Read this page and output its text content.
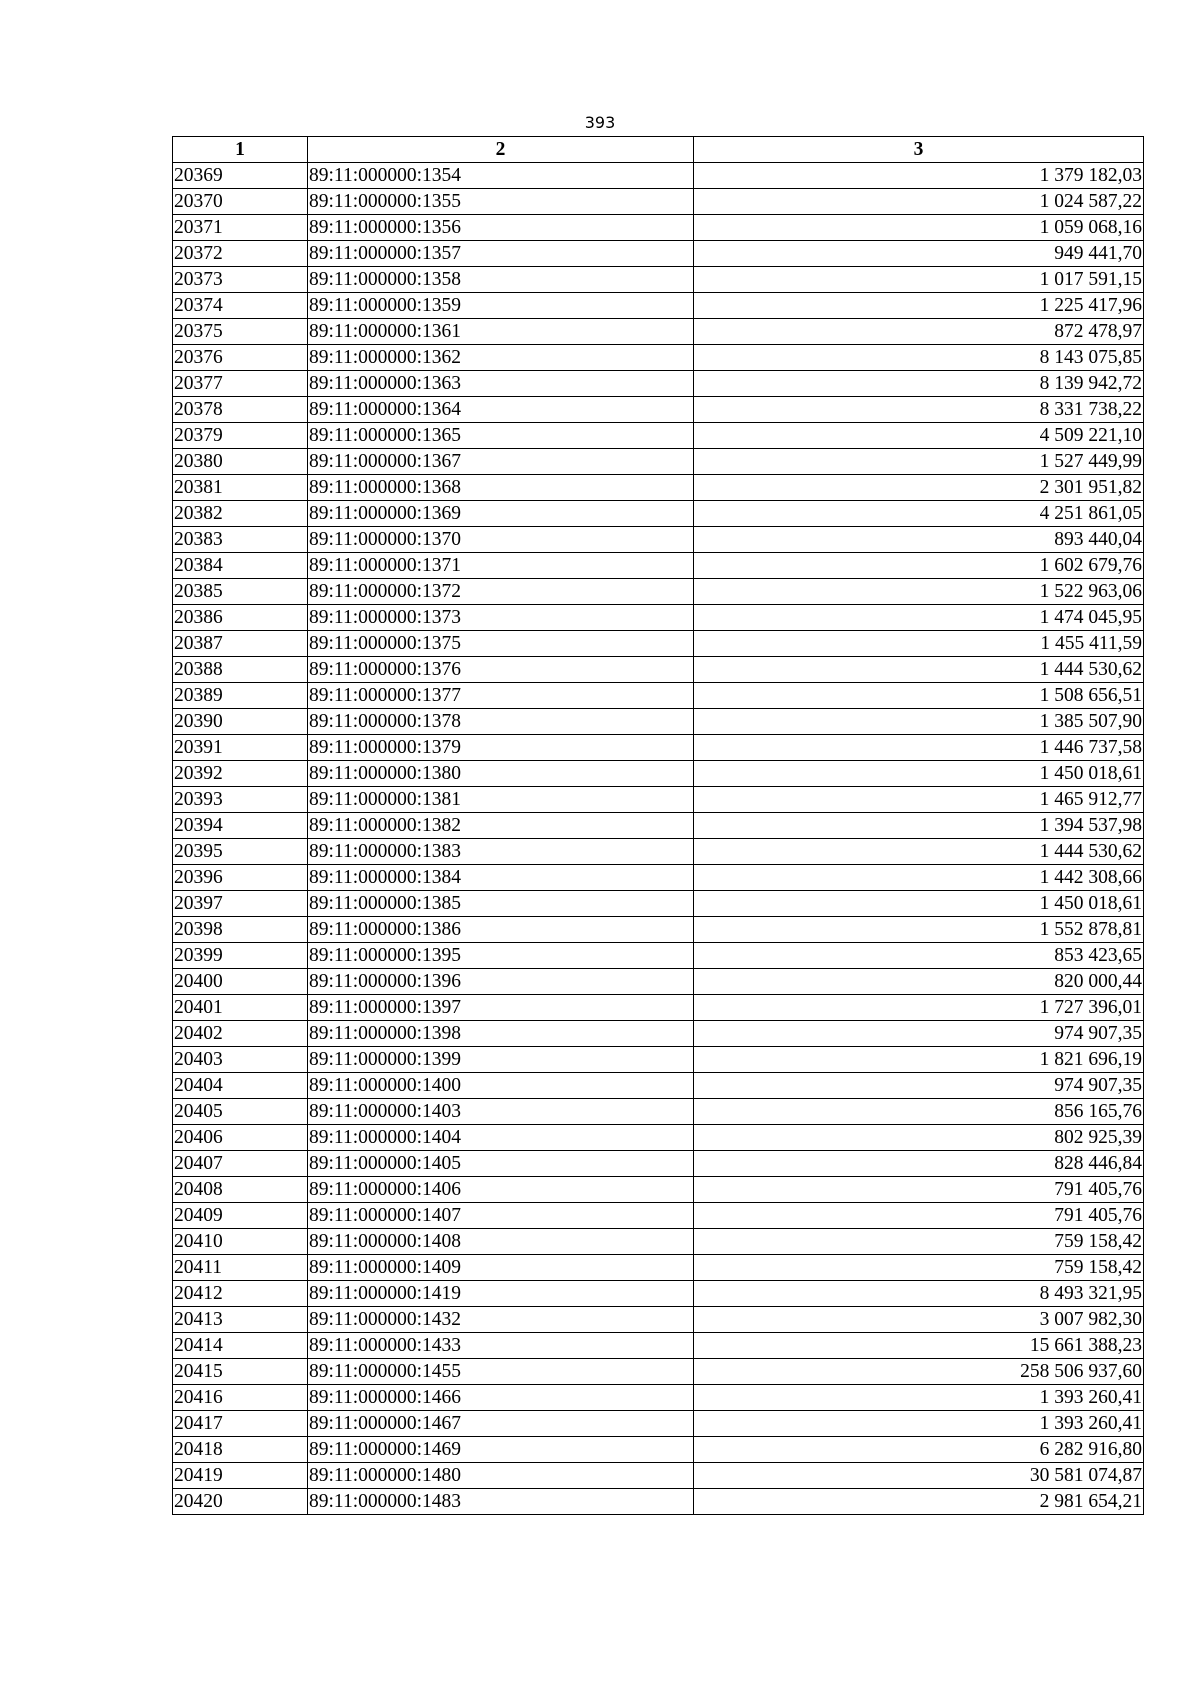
393
1	2	3
20369	89:11:000000:1354	1 379 182,03
20370	89:11:000000:1355	1 024 587,22
20371	89:11:000000:1356	1 059 068,16
20372	89:11:000000:1357	949 441,70
20373	89:11:000000:1358	1 017 591,15
20374	89:11:000000:1359	1 225 417,96
20375	89:11:000000:1361	872 478,97
20376	89:11:000000:1362	8 143 075,85
20377	89:11:000000:1363	8 139 942,72
20378	89:11:000000:1364	8 331 738,22
20379	89:11:000000:1365	4 509 221,10
20380	89:11:000000:1367	1 527 449,99
20381	89:11:000000:1368	2 301 951,82
20382	89:11:000000:1369	4 251 861,05
20383	89:11:000000:1370	893 440,04
20384	89:11:000000:1371	1 602 679,76
20385	89:11:000000:1372	1 522 963,06
20386	89:11:000000:1373	1 474 045,95
20387	89:11:000000:1375	1 455 411,59
20388	89:11:000000:1376	1 444 530,62
20389	89:11:000000:1377	1 508 656,51
20390	89:11:000000:1378	1 385 507,90
20391	89:11:000000:1379	1 446 737,58
20392	89:11:000000:1380	1 450 018,61
20393	89:11:000000:1381	1 465 912,77
20394	89:11:000000:1382	1 394 537,98
20395	89:11:000000:1383	1 444 530,62
20396	89:11:000000:1384	1 442 308,66
20397	89:11:000000:1385	1 450 018,61
20398	89:11:000000:1386	1 552 878,81
20399	89:11:000000:1395	853 423,65
20400	89:11:000000:1396	820 000,44
20401	89:11:000000:1397	1 727 396,01
20402	89:11:000000:1398	974 907,35
20403	89:11:000000:1399	1 821 696,19
20404	89:11:000000:1400	974 907,35
20405	89:11:000000:1403	856 165,76
20406	89:11:000000:1404	802 925,39
20407	89:11:000000:1405	828 446,84
20408	89:11:000000:1406	791 405,76
20409	89:11:000000:1407	791 405,76
20410	89:11:000000:1408	759 158,42
20411	89:11:000000:1409	759 158,42
20412	89:11:000000:1419	8 493 321,95
20413	89:11:000000:1432	3 007 982,30
20414	89:11:000000:1433	15 661 388,23
20415	89:11:000000:1455	258 506 937,60
20416	89:11:000000:1466	1 393 260,41
20417	89:11:000000:1467	1 393 260,41
20418	89:11:000000:1469	6 282 916,80
20419	89:11:000000:1480	30 581 074,87
20420	89:11:000000:1483	2 981 654,21
